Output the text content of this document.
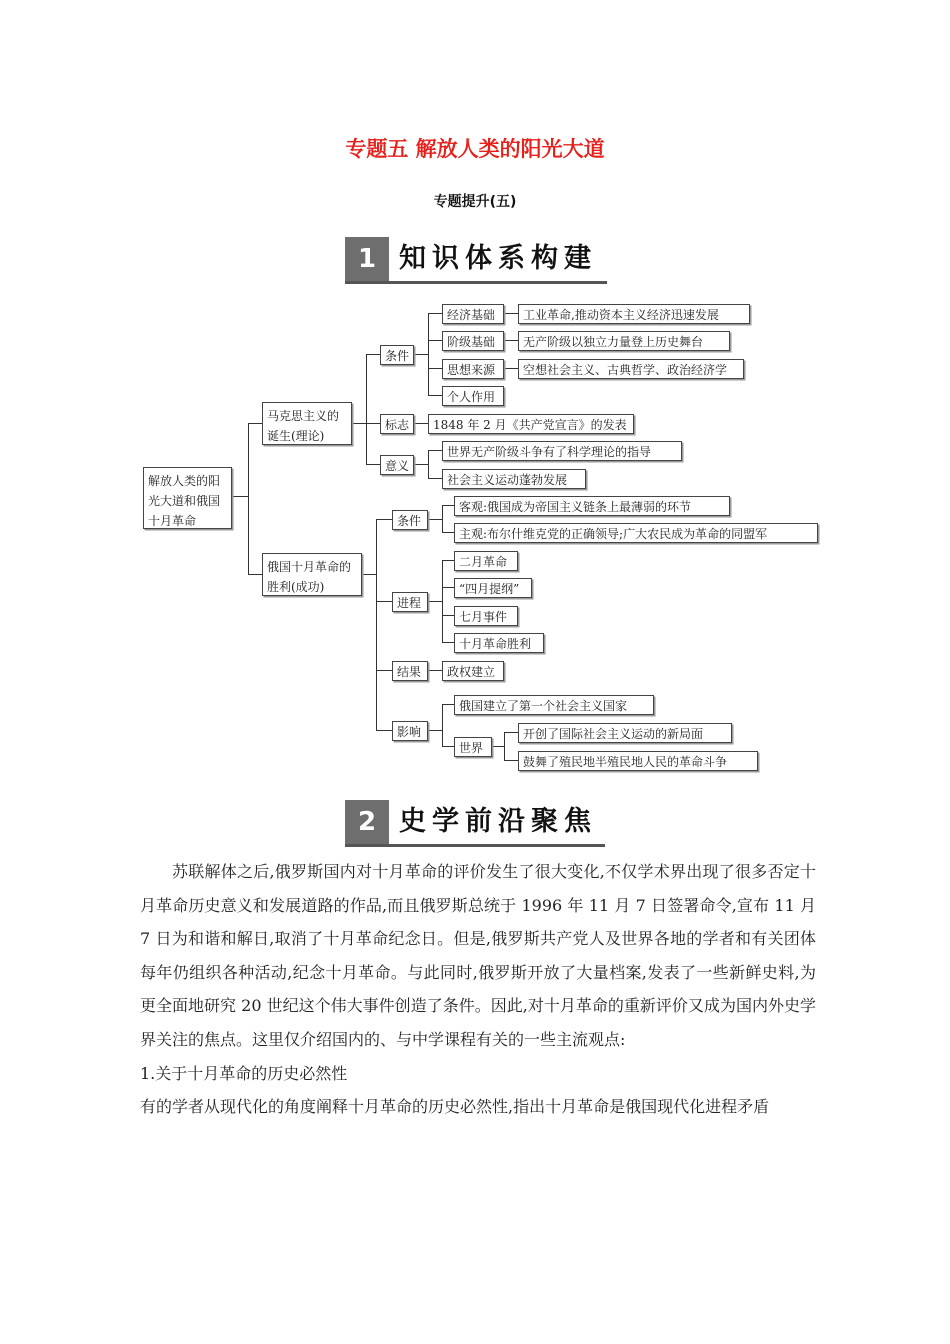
专题五 解放人类的阳光大道
专题提升(五)
1 知识体系构建
解放人类的阳光大道和俄国十月革命
马克思主义的诞生(理论)
俄国十月革命的胜利(成功)
条件
标志
意义
经济基础	工业革命,推动资本主义经济迅速发展
阶级基础	无产阶级以独立力量登上历史舞台
思想来源	空想社会主义、古典哲学、政治经济学
个人作用
1848 年 2 月《共产党宣言》的发表
世界无产阶级斗争有了科学理论的指导
社会主义运动蓬勃发展
条件
客观:俄国成为帝国主义链条上最薄弱的环节
主观:布尔什维克党的正确领导;广大农民成为革命的同盟军
进程
二月革命
“四月提纲”
七月事件
十月革命胜利
结果	政权建立
影响
俄国建立了第一个社会主义国家
世界
开创了国际社会主义运动的新局面
鼓舞了殖民地半殖民地人民的革命斗争
2 史学前沿聚焦

苏联解体之后,俄罗斯国内对十月革命的评价发生了很大变化,不仅学术界出现了很多否定十月革命历史意义和发展道路的作品,而且俄罗斯总统于 1996 年 11 月 7 日签署命令,宣布 11 月 7 日为和谐和解日,取消了十月革命纪念日。但是,俄罗斯共产党人及世界各地的学者和有关团体每年仍组织各种活动,纪念十月革命。与此同时,俄罗斯开放了大量档案,发表了一些新鲜史料,为更全面地研究 20 世纪这个伟大事件创造了条件。因此,对十月革命的重新评价又成为国内外史学界关注的焦点。这里仅介绍国内的、与中学课程有关的一些主流观点:

1.关于十月革命的历史必然性

有的学者从现代化的角度阐释十月革命的历史必然性,指出十月革命是俄国现代化进程矛盾
